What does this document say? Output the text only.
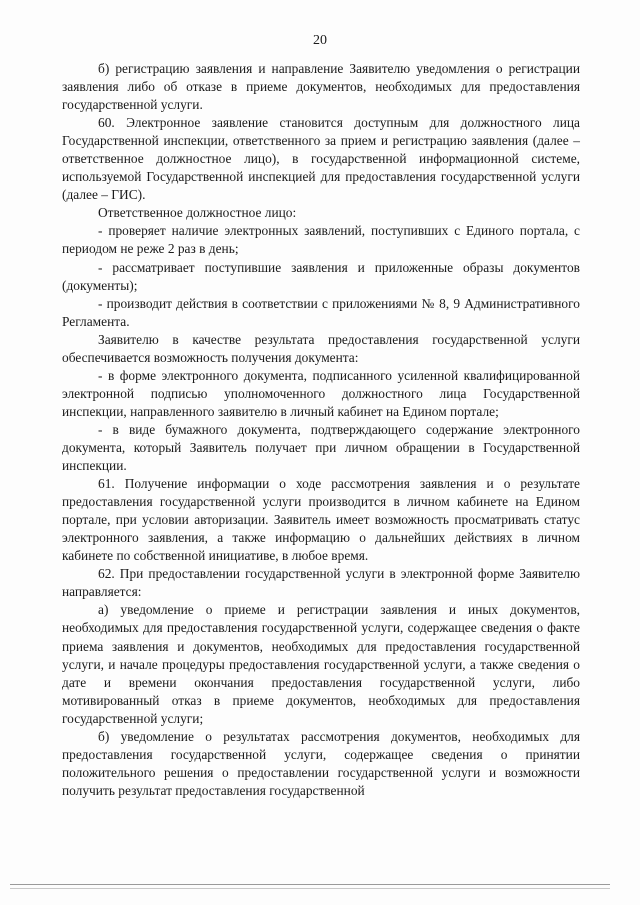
20

б) регистрацию заявления и направление Заявителю уведомления о регистрации заявления либо об отказе в приеме документов, необходимых для предоставления государственной услуги.

60. Электронное заявление становится доступным для должностного лица Государственной инспекции, ответственного за прием и регистрацию заявления (далее – ответственное должностное лицо), в государственной информационной системе, используемой Государственной инспекцией для предоставления государственной услуги (далее – ГИС).

Ответственное должностное лицо:

- проверяет наличие электронных заявлений, поступивших с Единого портала, с периодом не реже 2 раз в день;

- рассматривает поступившие заявления и приложенные образы документов (документы);

- производит действия в соответствии с приложениями № 8, 9 Административного Регламента.

Заявителю в качестве результата предоставления государственной услуги обеспечивается возможность получения документа:

- в форме электронного документа, подписанного усиленной квалифицированной электронной подписью уполномоченного должностного лица Государственной инспекции, направленного заявителю в личный кабинет на Едином портале;

- в виде бумажного документа, подтверждающего содержание электронного документа, который Заявитель получает при личном обращении в Государственной инспекции.

61. Получение информации о ходе рассмотрения заявления и о результате предоставления государственной услуги производится в личном кабинете на Едином портале, при условии авторизации. Заявитель имеет возможность просматривать статус электронного заявления, а также информацию о дальнейших действиях в личном кабинете по собственной инициативе, в любое время.

62. При предоставлении государственной услуги в электронной форме Заявителю направляется:

а) уведомление о приеме и регистрации заявления и иных документов, необходимых для предоставления государственной услуги, содержащее сведения о факте приема заявления и документов, необходимых для предоставления государственной услуги, и начале процедуры предоставления государственной услуги, а также сведения о дате и времени окончания предоставления государственной услуги, либо мотивированный отказ в приеме документов, необходимых для предоставления государственной услуги;

б) уведомление о результатах рассмотрения документов, необходимых для предоставления государственной услуги, содержащее сведения о принятии положительного решения о предоставлении государственной услуги и возможности получить результат предоставления государственной
